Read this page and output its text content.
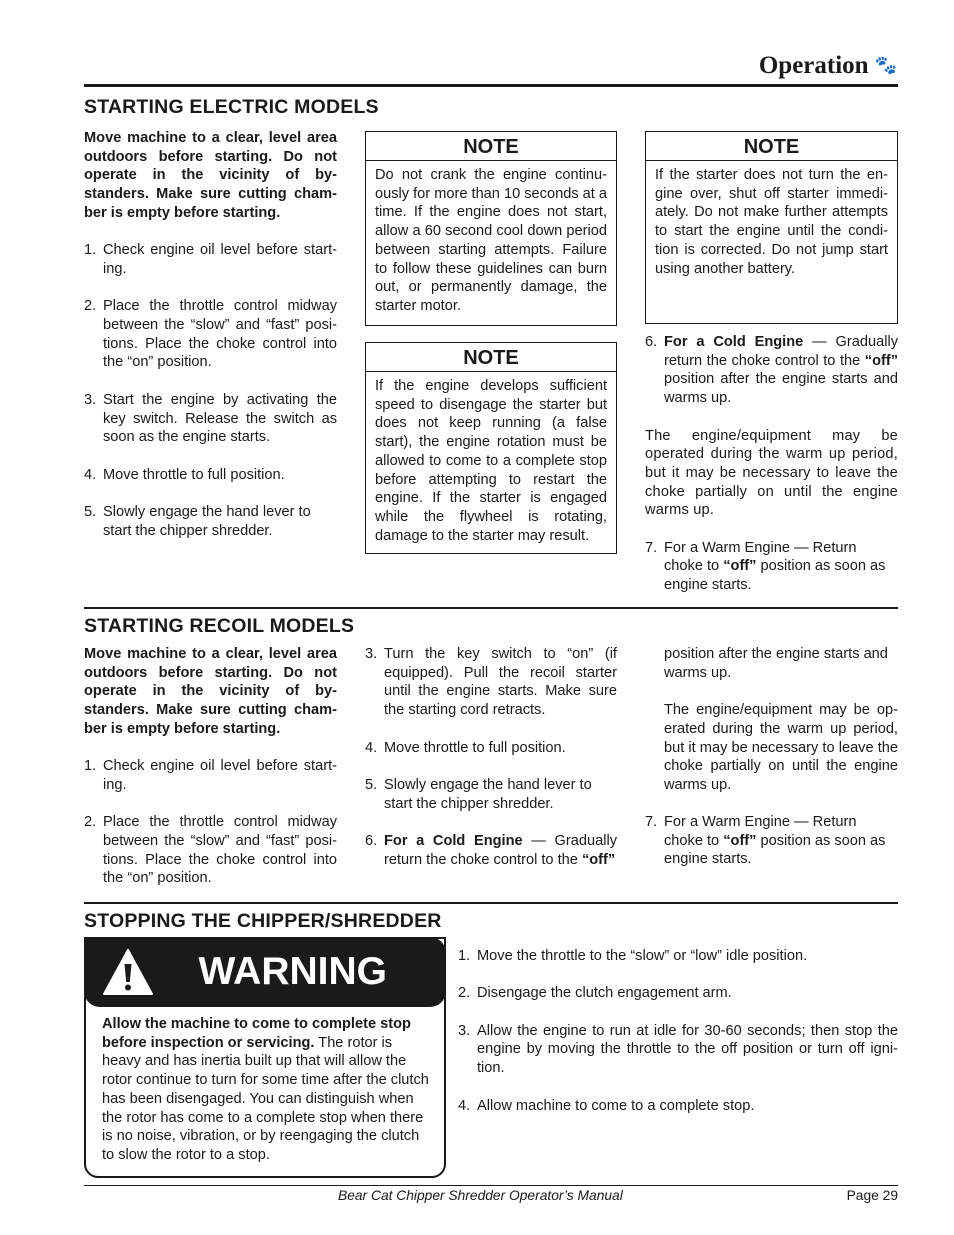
Operation 🐾
STARTING ELECTRIC MODELS

Move machine to a clear, level area outdoors before starting. Do not operate in the vicinity of bystanders. Make sure cutting chamber is empty before starting.

1. Check engine oil level before starting.
2. Place the throttle control midway between the “slow” and “fast” positions. Place the choke control into the “on” position.
3. Start the engine by activating the key switch. Release the switch as soon as the engine starts.
4. Move throttle to full position.
5. Slowly engage the hand lever to start the chipper shredder.
NOTE
Do not crank the engine continuously for more than 10 seconds at a time. If the engine does not start, allow a 60 second cool down period between starting attempts. Failure to follow these guidelines can burn out, or permanently damage, the starter motor.
NOTE
If the engine develops sufficient speed to disengage the starter but does not keep running (a false start), the engine rotation must be allowed to come to a complete stop before attempting to restart the engine. If the starter is engaged while the flywheel is rotating, damage to the starter may result.
NOTE
If the starter does not turn the engine over, shut off starter immediately. Do not make further attempts to start the engine until the condition is corrected. Do not jump start using another battery.
6. For a Cold Engine — Gradually return the choke control to the “off” position after the engine starts and warms up.

The engine/equipment may be operated during the warm up period, but it may be necessary to leave the choke partially on until the engine warms up.

7. For a Warm Engine — Return choke to “off” position as soon as engine starts.
STARTING RECOIL MODELS

Move machine to a clear, level area outdoors before starting. Do not operate in the vicinity of bystanders. Make sure cutting chamber is empty before starting.

1. Check engine oil level before starting.
2. Place the throttle control midway between the “slow” and “fast” positions. Place the choke control into the “on” position.
3. Turn the key switch to “on” (if equipped). Pull the recoil starter until the engine starts. Make sure the starting cord retracts.
4. Move throttle to full position.
5. Slowly engage the hand lever to start the chipper shredder.
6. For a Cold Engine — Gradually return the choke control to the “off”

position after the engine starts and warms up.

The engine/equipment may be operated during the warm up period, but it may be necessary to leave the choke partially on until the engine warms up.

7. For a Warm Engine — Return choke to “off” position as soon as engine starts.
STOPPING THE CHIPPER/SHREDDER
WARNING
Allow the machine to come to complete stop before inspection or servicing. The rotor is heavy and has inertia built up that will allow the rotor continue to turn for some time after the clutch has been disengaged. You can distinguish when the rotor has come to a complete stop when there is no noise, vibration, or by reengaging the clutch to slow the rotor to a stop.
1. Move the throttle to the “slow” or “low” idle position.
2. Disengage the clutch engagement arm.
3. Allow the engine to run at idle for 30-60 seconds; then stop the engine by moving the throttle to the off position or turn off ignition.
4. Allow machine to come to a complete stop.
Bear Cat Chipper Shredder Operator’s Manual	Page 29
